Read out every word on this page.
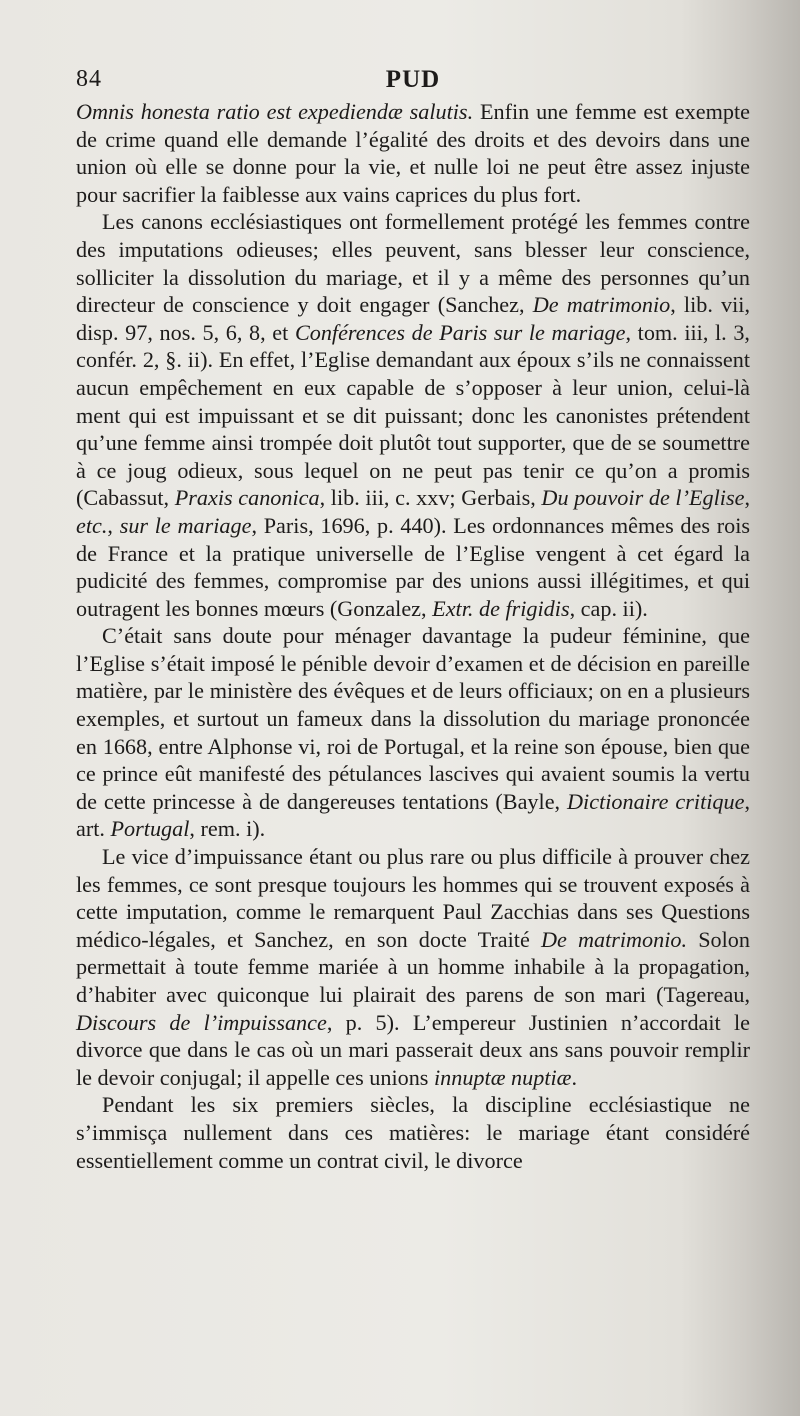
84	PUD

Omnis honesta ratio est expediendæ salutis. Enfin une femme est exempte de crime quand elle demande l’égalité des droits et des devoirs dans une union où elle se donne pour la vie, et nulle loi ne peut être assez injuste pour sacrifier la faiblesse aux vains caprices du plus fort.

Les canons ecclésiastiques ont formellement protégé les femmes contre des imputations odieuses; elles peuvent, sans blesser leur conscience, solliciter la dissolution du mariage, et il y a même des personnes qu’un directeur de conscience y doit engager (Sanchez, De matrimonio, lib. vii, disp. 97, nos. 5, 6, 8, et Conférences de Paris sur le mariage, tom. iii, l. 3, confér. 2, §. ii). En effet, l’Eglise demandant aux époux s’ils ne connaissent aucun empêchement en eux capable de s’opposer à leur union, celui-là ment qui est impuissant et se dit puissant; donc les canonistes prétendent qu’une femme ainsi trompée doit plutôt tout supporter, que de se soumettre à ce joug odieux, sous lequel on ne peut pas tenir ce qu’on a promis (Cabassut, Praxis canonica, lib. iii, c. xxv; Gerbais, Du pouvoir de l’Eglise, etc., sur le mariage, Paris, 1696, p. 440). Les ordonnances mêmes des rois de France et la pratique universelle de l’Eglise vengent à cet égard la pudicité des femmes, compromise par des unions aussi illégitimes, et qui outragent les bonnes mœurs (Gonzalez, Extr. de frigidis, cap. ii).

C’était sans doute pour ménager davantage la pudeur féminine, que l’Eglise s’était imposé le pénible devoir d’examen et de décision en pareille matière, par le ministère des évêques et de leurs officiaux; on en a plusieurs exemples, et surtout un fameux dans la dissolution du mariage prononcée en 1668, entre Alphonse vi, roi de Portugal, et la reine son épouse, bien que ce prince eût manifesté des pétulances lascives qui avaient soumis la vertu de cette princesse à de dangereuses tentations (Bayle, Dictionaire critique, art. Portugal, rem. i).

Le vice d’impuissance étant ou plus rare ou plus difficile à prouver chez les femmes, ce sont presque toujours les hommes qui se trouvent exposés à cette imputation, comme le remarquent Paul Zacchias dans ses Questions médico-légales, et Sanchez, en son docte Traité De matrimonio. Solon permettait à toute femme mariée à un homme inhabile à la propagation, d’habiter avec quiconque lui plairait des parens de son mari (Tagereau, Discours de l’impuissance, p. 5). L’empereur Justinien n’accordait le divorce que dans le cas où un mari passerait deux ans sans pouvoir remplir le devoir conjugal; il appelle ces unions innuptæ nuptiæ.

Pendant les six premiers siècles, la discipline ecclésiastique ne s’immisça nullement dans ces matières: le mariage étant considéré essentiellement comme un contrat civil, le divorce
